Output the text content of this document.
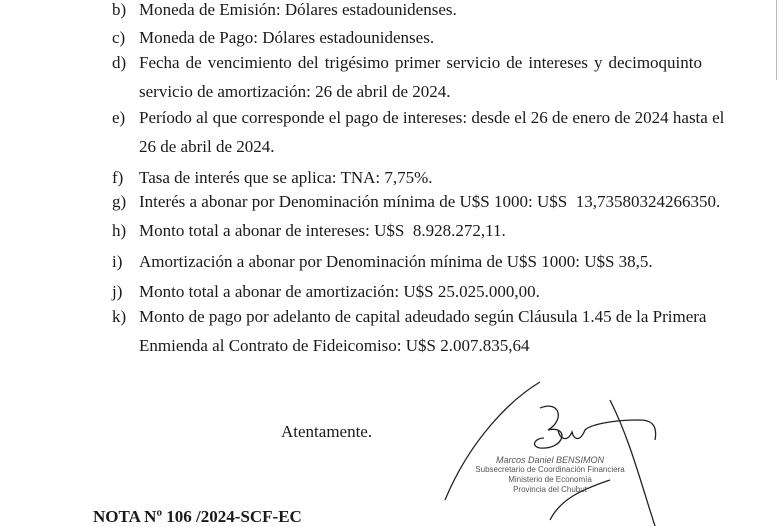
b) Moneda de Emisión: Dólares estadounidenses.
c) Moneda de Pago: Dólares estadounidenses.
d) Fecha de vencimiento del trigésimo primer servicio de intereses y decimoquinto
servicio de amortización: 26 de abril de 2024.
e) Período al que corresponde el pago de intereses: desde el 26 de enero de 2024 hasta el
26 de abril de 2024.
f) Tasa de interés que se aplica: TNA: 7,75%.
g) Interés a abonar por Denominación mínima de U$S 1000: U$S  13,73580324266350.
h) Monto total a abonar de intereses: U$S  8.928.272,11.
i) Amortización a abonar por Denominación mínima de U$S 1000: U$S 38,5.
j) Monto total a abonar de amortización: U$S 25.025.000,00.
k) Monto de pago por adelanto de capital adeudado según Cláusula 1.45 de la Primera
Enmienda al Contrato de Fideicomiso: U$S 2.007.835,64
Atentamente.
Marcos Daniel BENSIMON
Subsecretario de Coordinación Financiera
Ministerio de Economía
Provincia del Chubut
NOTA Nº 106 /2024-SCF-EC
